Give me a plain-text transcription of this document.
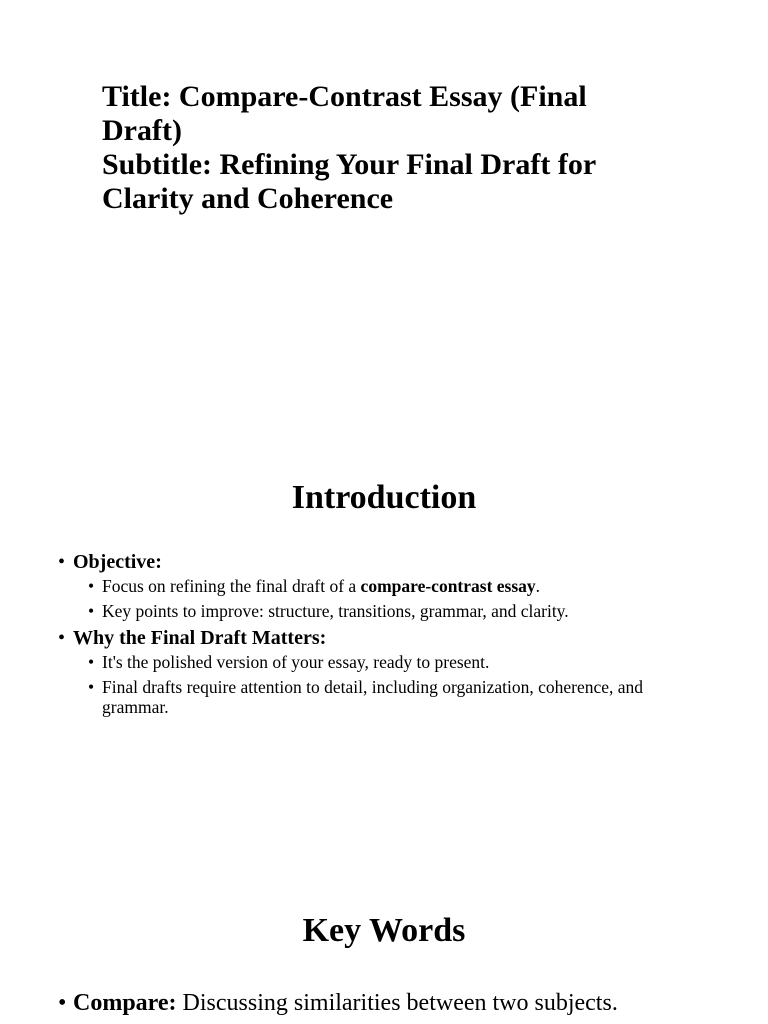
Title: Compare-Contrast Essay (Final Draft)
Subtitle: Refining Your Final Draft for Clarity and Coherence
Introduction
• Objective:
• Focus on refining the final draft of a compare-contrast essay.
• Key points to improve: structure, transitions, grammar, and clarity.
• Why the Final Draft Matters:
• It's the polished version of your essay, ready to present.
• Final drafts require attention to detail, including organization, coherence, and grammar.
Key Words
• Compare: Discussing similarities between two subjects.
